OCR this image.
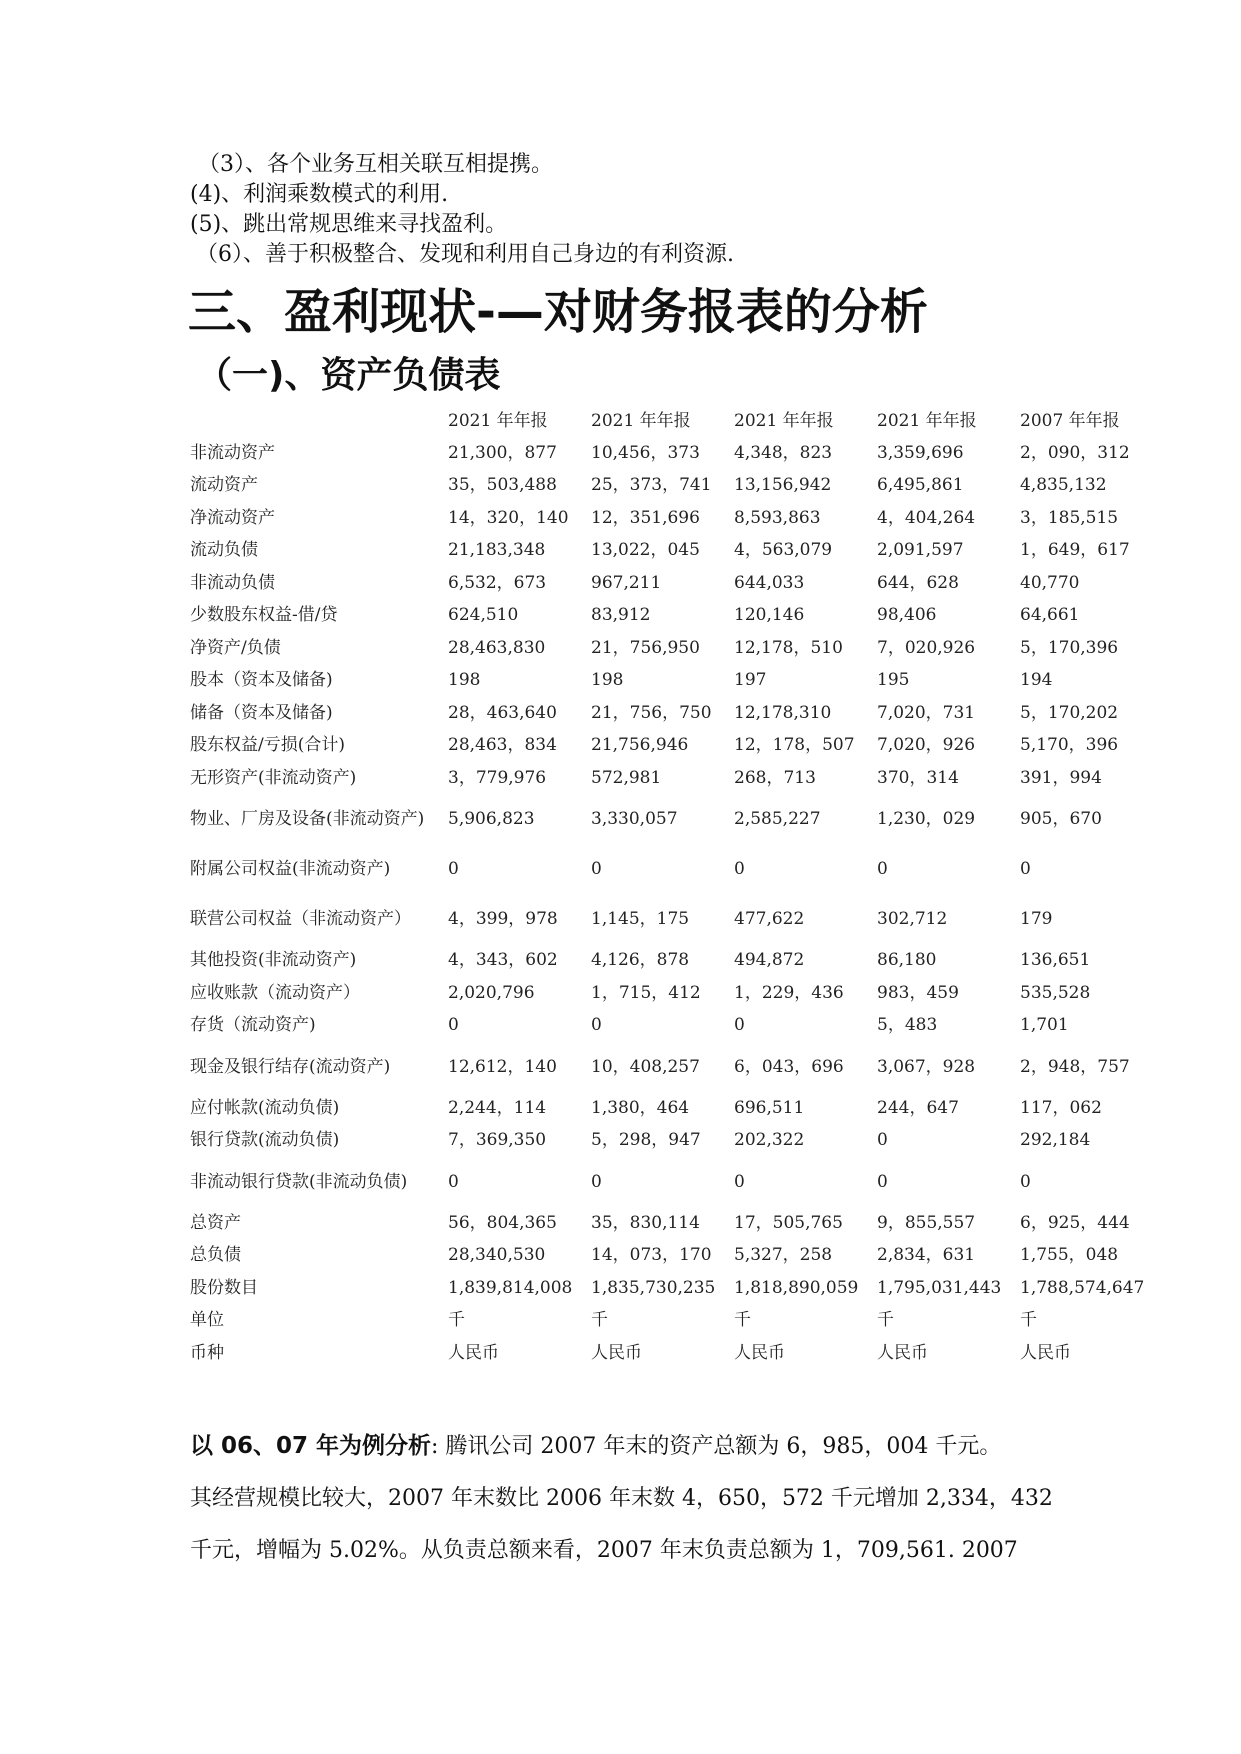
（3）、各个业务互相关联互相提携。
(4)、利润乘数模式的利用.
(5)、跳出常规思维来寻找盈利。
（6）、善于积极整合、发现和利用自己身边的有利资源.
三、盈利现状-—对财务报表的分析
（一)、资产负债表
	2021 年年报	2021 年年报	2021 年年报	2021 年年报	2007 年年报
非流动资产	21,300，877	10,456，373	4,348，823	3,359,696	2，090，312
流动资产	35，503,488	25，373，741	13,156,942	6,495,861	4,835,132
净流动资产	14，320，140	12，351,696	8,593,863	4，404,264	3，185,515
流动负债	21,183,348	13,022，045	4，563,079	2,091,597	1，649，617
非流动负债	6,532，673	967,211	644,033	644，628	40,770
少数股东权益-借/贷	624,510	83,912	120,146	98,406	64,661
净资产/负债	28,463,830	21，756,950	12,178，510	7，020,926	5，170,396
股本（资本及储备)	198	198	197	195	194
储备（资本及储备)	28，463,640	21，756，750	12,178,310	7,020，731	5，170,202
股东权益/亏损(合计)	28,463，834	21,756,946	12，178，507	7,020，926	5,170，396
无形资产(非流动资产)	3，779,976	572,981	268，713	370，314	391，994
物业、厂房及设备(非流动资产)	5,906,823	3,330,057	2,585,227	1,230，029	905，670
附属公司权益(非流动资产)	0	0	0	0	0
联营公司权益（非流动资产）	4，399，978	1,145，175	477,622	302,712	179
其他投资(非流动资产)	4，343，602	4,126，878	494,872	86,180	136,651
应收账款（流动资产）	2,020,796	1，715，412	1，229，436	983，459	535,528
存货（流动资产)	0	0	0	5，483	1,701
现金及银行结存(流动资产)	12,612，140	10，408,257	6，043，696	3,067，928	2，948，757
应付帐款(流动负债)	2,244，114	1,380，464	696,511	244，647	117，062
银行贷款(流动负债)	7，369,350	5，298，947	202,322	0	292,184
非流动银行贷款(非流动负债)	0	0	0	0	0
总资产	56，804,365	35，830,114	17，505,765	9，855,557	6，925，444
总负债	28,340,530	14，073，170	5,327，258	2,834，631	1,755，048
股份数目	1,839,814,008	1,835,730,235	1,818,890,059	1,795,031,443	1,788,574,647
单位	千	千	千	千	千
币种	人民币	人民币	人民币	人民币	人民币

以 06、07 年为例分析: 腾讯公司 2007 年末的资产总额为 6，985，004 千元。

其经营规模比较大，2007 年末数比 2006 年末数 4，650，572 千元增加 2,334，432

千元，增幅为 5.02%。从负责总额来看，2007 年末负责总额为 1，709,561. 2007
